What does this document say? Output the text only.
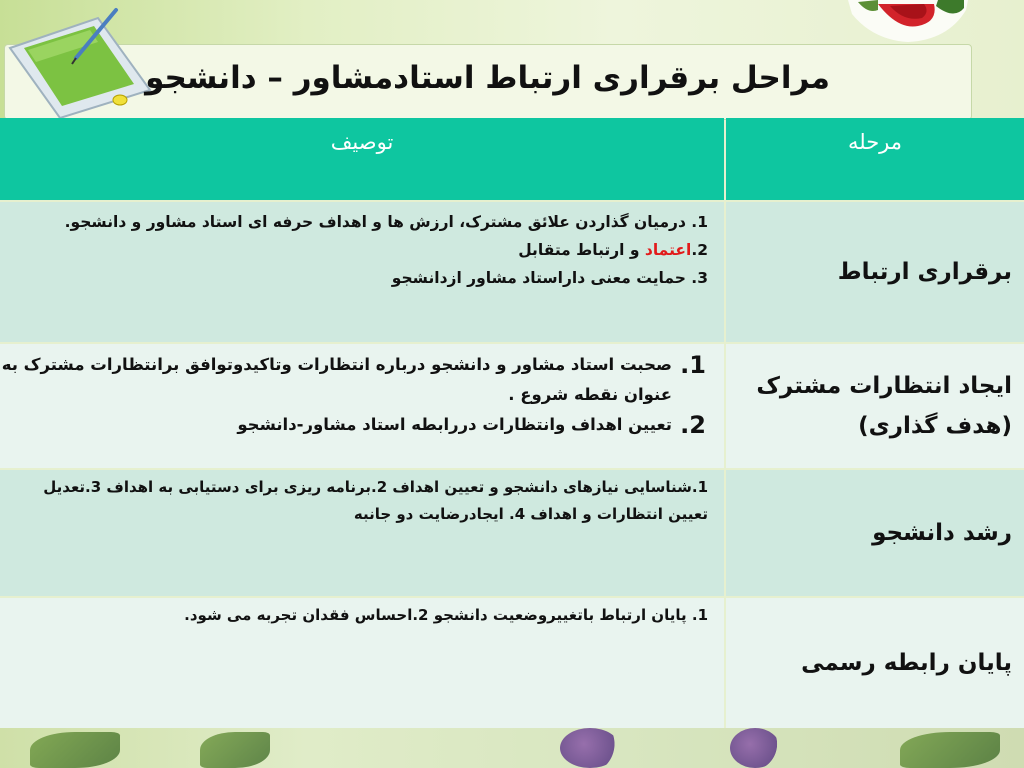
مراحل برقراری ارتباط استادمشاور – دانشجو
مرحله
توصیف
برقراری ارتباط
1. درمیان گذاردن علائق مشترک، ارزش ها و اهداف حرفه ای استاد مشاور و دانشجو.
2.اعتماد و ارتباط متقابل
3. حمایت معنی داراستاد مشاور ازدانشجو
ایجاد انتظارات مشترک
(هدف گذاری)
1.
صحبت استاد مشاور و دانشجو درباره انتظارات وتاکیدوتوافق برانتظارات مشترک به
عنوان نقطه شروع .
2.
تعیین اهداف وانتظارات دررابطه استاد مشاور-دانشجو
رشد دانشجو
1.شناسایی نیازهای دانشجو و تعیین اهداف 2.برنامه ریزی برای دستیابی به اهداف 3.تعدیل تعیین انتظارات و اهداف 4. ایجادرضایت دو جانبه
پایان رابطه رسمی
1. پایان ارتباط باتغییروضعیت دانشجو 2.احساس فقدان تجربه می شود.
